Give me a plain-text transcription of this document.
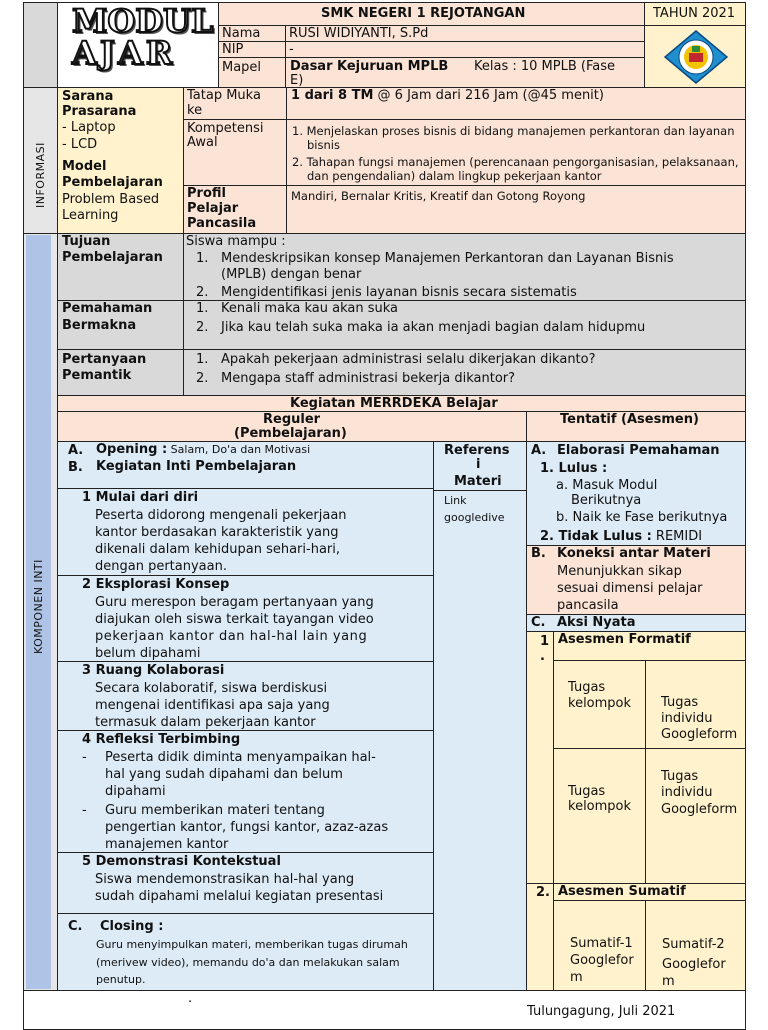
MODUL
AJAR
SMK NEGERI 1 REJOTANGAN	TAHUN 2021
Nama RUSI WIDIYANTI, S.Pd
NIP	-
Mapel Dasar Kejuruan MPLB Kelas : 10 MPLB (Fase
E)
INFORMASI
Sarana
Prasarana
- Laptop
- LCD
Model
Pembelajaran
Problem Based
Learning
Tatap Muka
ke
1 dari 8 TM @ 6 Jam dari 216 Jam (@45 menit)
Kompetensi
Awal
1. Menjelaskan proses bisnis di bidang manajemen perkantoran dan layanan
bisnis
2. Tahapan fungsi manajemen (perencanaan pengorganisasian, pelaksanaan,
dan pengendalian) dalam lingkup pekerjaan kantor
Profil
Pelajar
Pancasila
Mandiri, Bernalar Kritis, Kreatif dan Gotong Royong
KOMPONEN INTI
Tujuan
Pembelajaran
Siswa mampu :
1. Mendeskripsikan konsep Manajemen Perkantoran dan Layanan Bisnis
(MPLB) dengan benar
2. Mengidentifikasi jenis layanan bisnis secara sistematis
Pemahaman
Bermakna
1. Kenali maka kau akan suka
2. Jika kau telah suka maka ia akan menjadi bagian dalam hidupmu
Pertanyaan
Pemantik
1. Apakah pekerjaan administrasi selalu dikerjakan dikanto?
2. Mengapa staff administrasi bekerja dikantor?
Kegiatan MERRDEKA Belajar
Reguler
(Pembelajaran)
Tentatif (Asesmen)
A. Opening : Salam, Do'a dan Motivasi
B. Kegiatan Inti Pembelajaran
Referens
i
Materi
Link
googledive
1 Mulai dari diri
Peserta didorong mengenali pekerjaan
kantor berdasakan karakteristik yang
dikenali dalam kehidupan sehari-hari,
dengan pertanyaan.
2 Eksplorasi Konsep
Guru merespon beragam pertanyaan yang
diajukan oleh siswa terkait tayangan video
pekerjaan kantor dan hal-hal lain yang
belum dipahami
3 Ruang Kolaborasi
Secara kolaboratif, siswa berdiskusi
mengenai identifikasi apa saja yang
termasuk dalam pekerjaan kantor
4 Refleksi Terbimbing
- Peserta didik diminta menyampaikan hal-
hal yang sudah dipahami dan belum
dipahami
- Guru memberikan materi tentang
pengertian kantor, fungsi kantor, azaz-azas
manajemen kantor
5 Demonstrasi Kontekstual
Siswa mendemonstrasikan hal-hal yang
sudah dipahami melalui kegiatan presentasi
C. Closing :
Guru menyimpulkan materi, memberikan tugas dirumah
(merivew video), memandu do'a dan melakukan salam
penutup.
A. Elaborasi Pemahaman
1. Lulus :
a. Masuk Modul
Berikutnya
b. Naik ke Fase berikutnya
2. Tidak Lulus : REMIDI
B. Koneksi antar Materi
Menunjukkan sikap
sesuai dimensi pelajar
pancasila
C. Aksi Nyata
1
.
Asesmen Formatif
Tugas
kelompok Tugas
individu
Googleform
Tugas
kelompok
Tugas
individu
Googleform
2. Asesmen Sumatif
Sumatif-1
Googlefor
m
Sumatif-2
Googlefor
m
.
Tulungagung, Juli 2021
